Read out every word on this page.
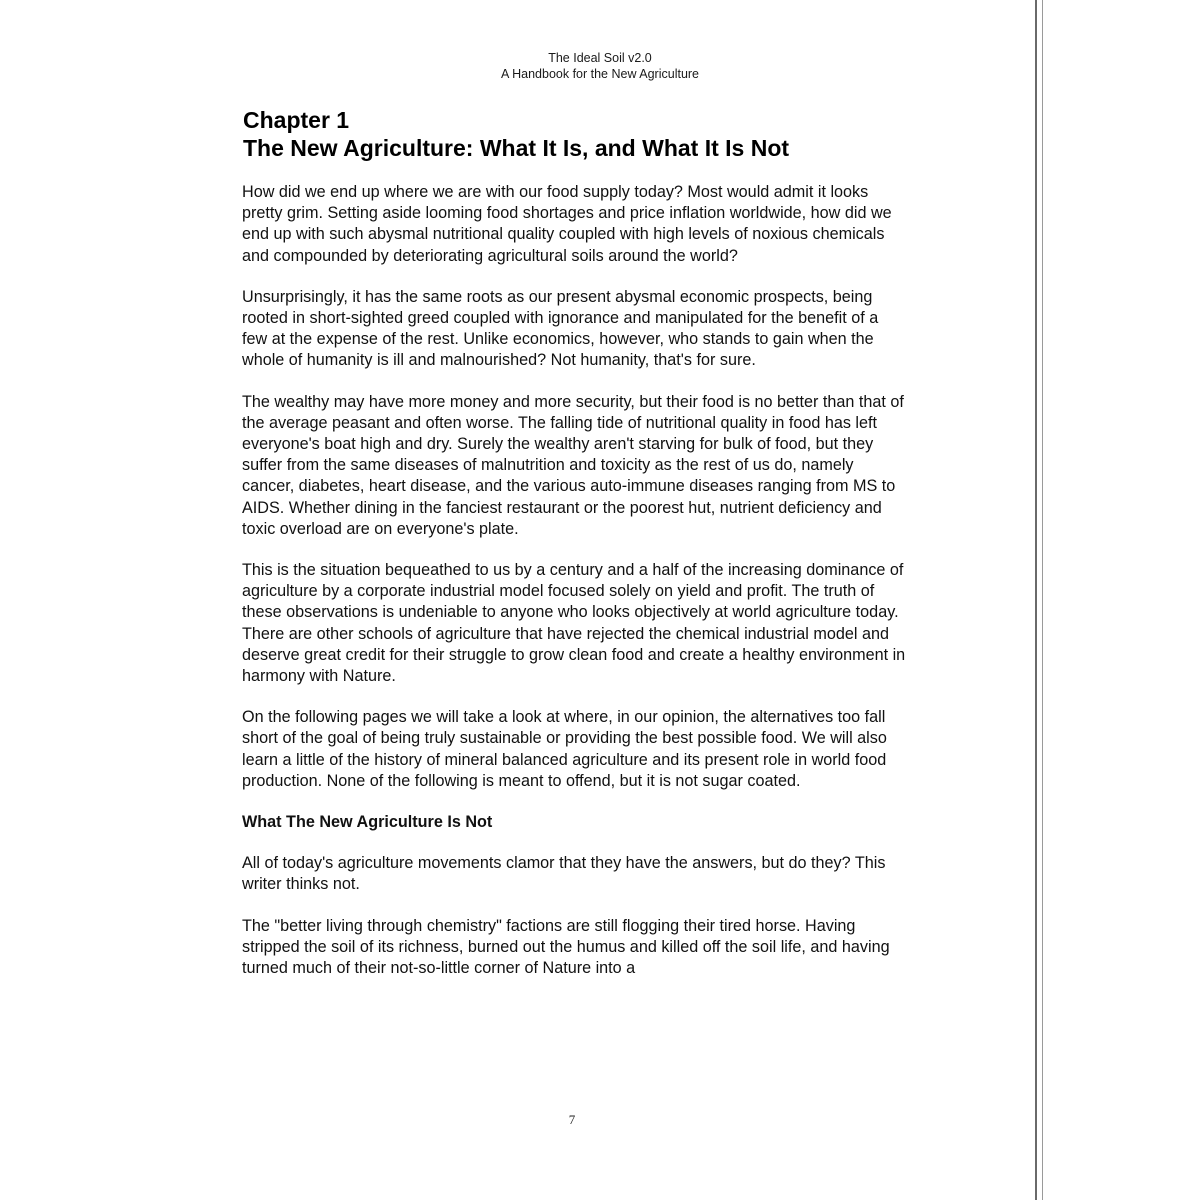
The Ideal Soil v2.0
A Handbook for the New Agriculture
Chapter 1
The New Agriculture: What It Is, and What It Is Not

How did we end up where we are with our food supply today? Most would admit it looks pretty grim. Setting aside looming food shortages and price inflation worldwide, how did we end up with such abysmal nutritional quality coupled with high levels of noxious chemicals and compounded by deteriorating agricultural soils around the world?

Unsurprisingly, it has the same roots as our present abysmal economic prospects, being rooted in short-sighted greed coupled with ignorance and manipulated for the benefit of a few at the expense of the rest. Unlike economics, however, who stands to gain when the whole of humanity is ill and malnourished? Not humanity, that's for sure.

The wealthy may have more money and more security, but their food is no better than that of the average peasant and often worse. The falling tide of nutritional quality in food has left everyone's boat high and dry. Surely the wealthy aren't starving for bulk of food, but they suffer from the same diseases of malnutrition and toxicity as the rest of us do, namely cancer, diabetes, heart disease, and the various auto-immune diseases ranging from MS to AIDS. Whether dining in the fanciest restaurant or the poorest hut, nutrient deficiency and toxic overload are on everyone's plate.

This is the situation bequeathed to us by a century and a half of the increasing dominance of agriculture by a corporate industrial model focused solely on yield and profit. The truth of these observations is undeniable to anyone who looks objectively at world agriculture today. There are other schools of agriculture that have rejected the chemical industrial model and deserve great credit for their struggle to grow clean food and create a healthy environment in harmony with Nature.

On the following pages we will take a look at where, in our opinion, the alternatives too fall short of the goal of being truly sustainable or providing the best possible food. We will also learn a little of the history of mineral balanced agriculture and its present role in world food production. None of the following is meant to offend, but it is not sugar coated.

What The New Agriculture Is Not

All of today's agriculture movements clamor that they have the answers, but do they? This writer thinks not.

The "better living through chemistry" factions are still flogging their tired horse. Having stripped the soil of its richness, burned out the humus and killed off the soil life, and having turned much of their not-so-little corner of Nature into a

7
